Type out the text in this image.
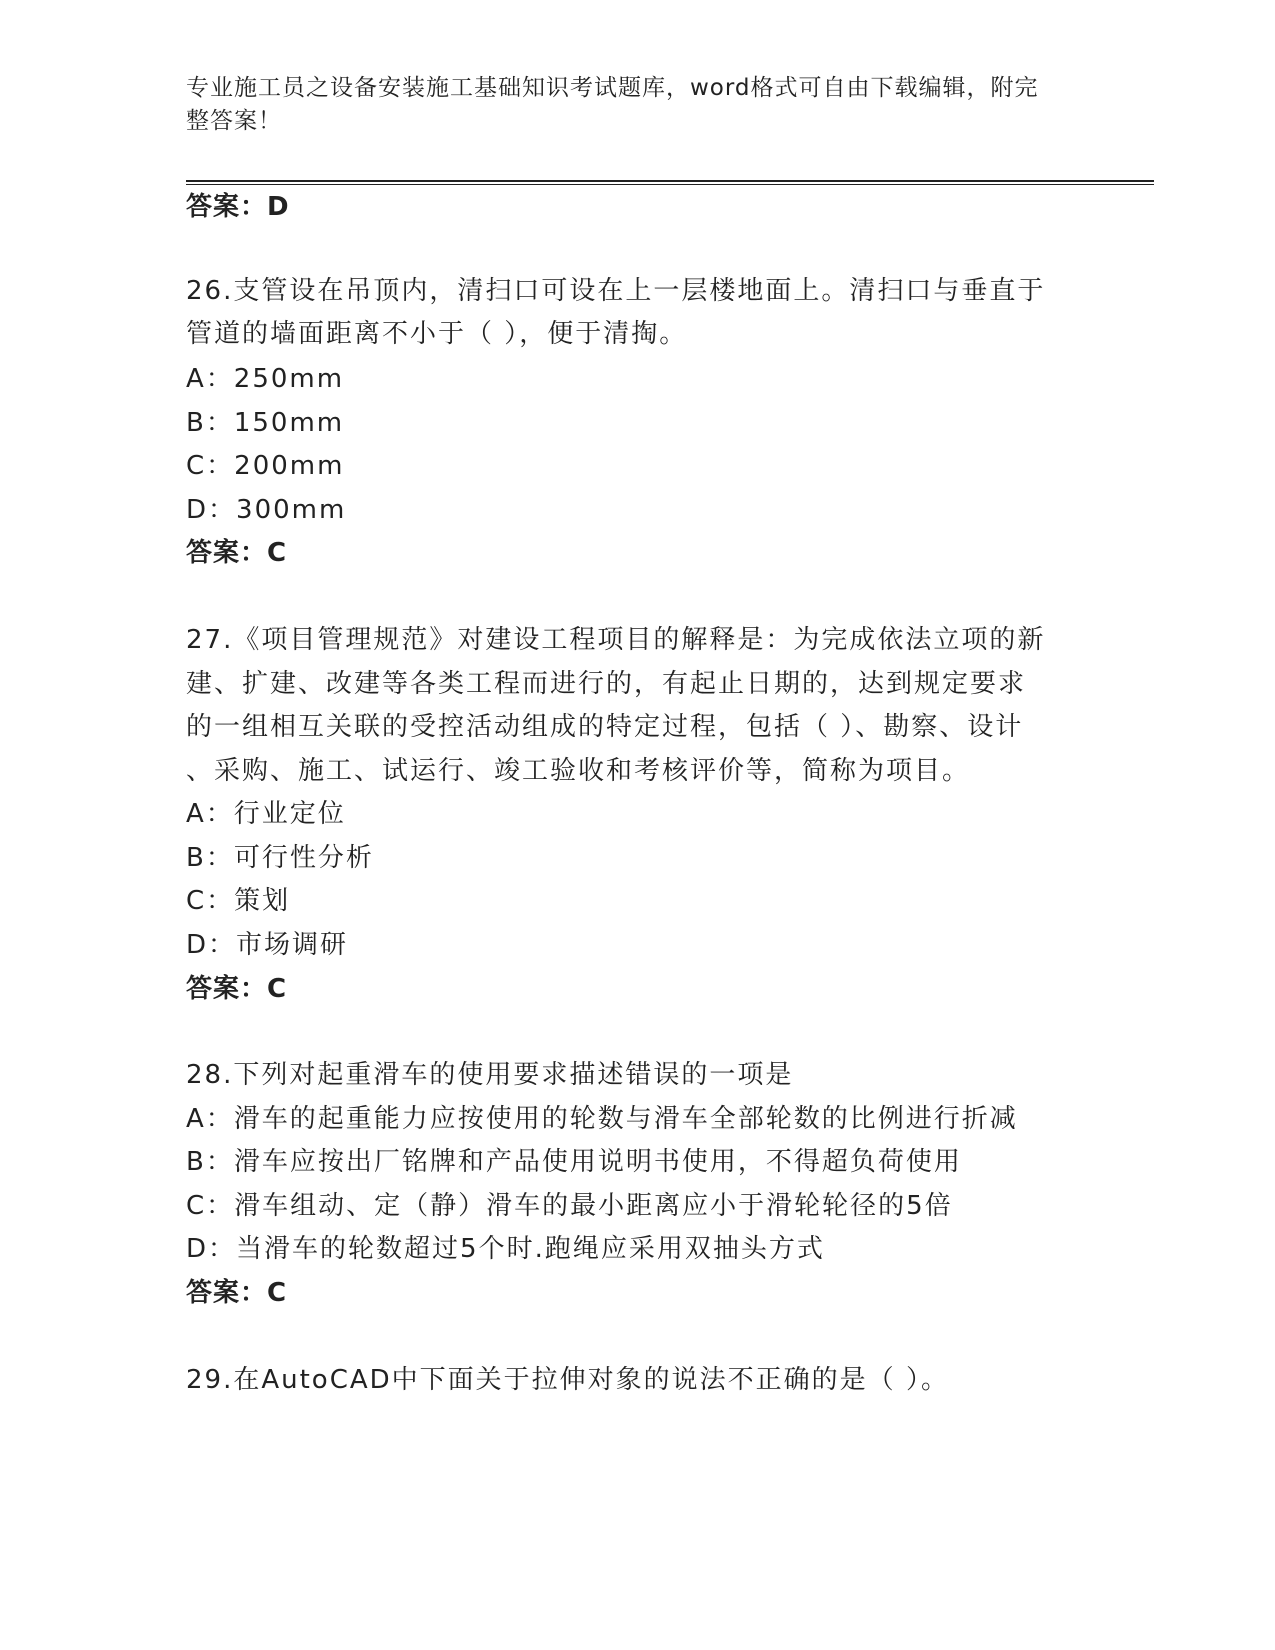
专业施工员之设备安装施工基础知识考试题库，word格式可自由下载编辑，附完
整答案！
答案：D
26.支管设在吊顶内，清扫口可设在上一层楼地面上。清扫口与垂直于
管道的墙面距离不小于（ ），便于清掏。
A：250mm
B：150mm
C：200mm
D：300mm
答案：C
27.《项目管理规范》对建设工程项目的解释是：为完成依法立项的新
建、扩建、改建等各类工程而进行的，有起止日期的，达到规定要求
的一组相互关联的受控活动组成的特定过程，包括（ ）、勘察、设计
、采购、施工、试运行、竣工验收和考核评价等，简称为项目。
A：行业定位
B：可行性分析
C：策划
D：市场调研
答案：C
28.下列对起重滑车的使用要求描述错误的一项是
A：滑车的起重能力应按使用的轮数与滑车全部轮数的比例进行折减
B：滑车应按出厂铭牌和产品使用说明书使用，不得超负荷使用
C：滑车组动、定（静）滑车的最小距离应小于滑轮轮径的5倍
D：当滑车的轮数超过5个时.跑绳应采用双抽头方式
答案：C
29.在AutoCAD中下面关于拉伸对象的说法不正确的是（ ）。
